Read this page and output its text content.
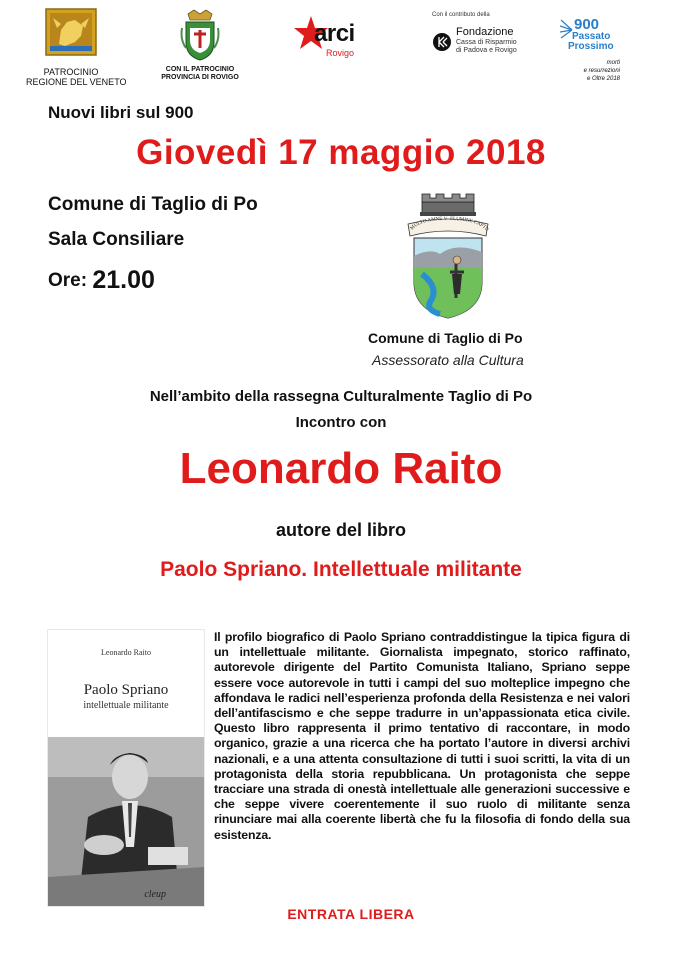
PATROCINIO
REGIONE DEL VENETO
CON IL PATROCINIO
PROVINCIA DI ROVIGO
arci
Rovigo
Con il contributo della
Fondazione
Cassa di Risparmio
di Padova e Rovigo
900
Passato
Prossimo
morti
e resurrezioni
e Oltre 2018
Nuovi libri sul 900
Giovedì 17 maggio 2018
Comune di Taglio di Po
Sala Consiliare
Ore: 21.00
MULTO AMNE V FLUMINE CAPTU
Comune di Taglio di Po
Assessorato alla Cultura
Nell’ambito della rassegna Culturalmente Taglio di Po
Incontro con
Leonardo Raito
autore del libro
Paolo Spriano. Intellettuale militante
Leonardo Raito
Paolo Spriano
intellettuale militante
cleup
Il profilo biografico di Paolo Spriano contraddistingue la tipica figura di un intellettuale militante. Giornalista impegnato, storico raffinato, autorevole dirigente del Partito Comunista Italiano, Spriano seppe essere voce autorevole in tutti i campi del suo molteplice impegno che affondava le radici nell’esperienza profonda della Resistenza e nei valori dell’antifascismo e che seppe tradurre in un’appassionata etica civile. Questo libro rappresenta il primo tentativo di raccontare, in modo organico, grazie a una ricerca che ha portato l’autore in diversi archivi nazionali, e a una attenta consultazione di tutti i suoi scritti, la vita di un protagonista della storia repubblicana. Un protagonista che seppe tracciare una strada di onestà intellettuale alle generazioni successive e che seppe vivere coerentemente il suo ruolo di militante senza rinunciare mai alla coerente libertà che fu la filosofia di fondo della sua esistenza.
ENTRATA LIBERA
